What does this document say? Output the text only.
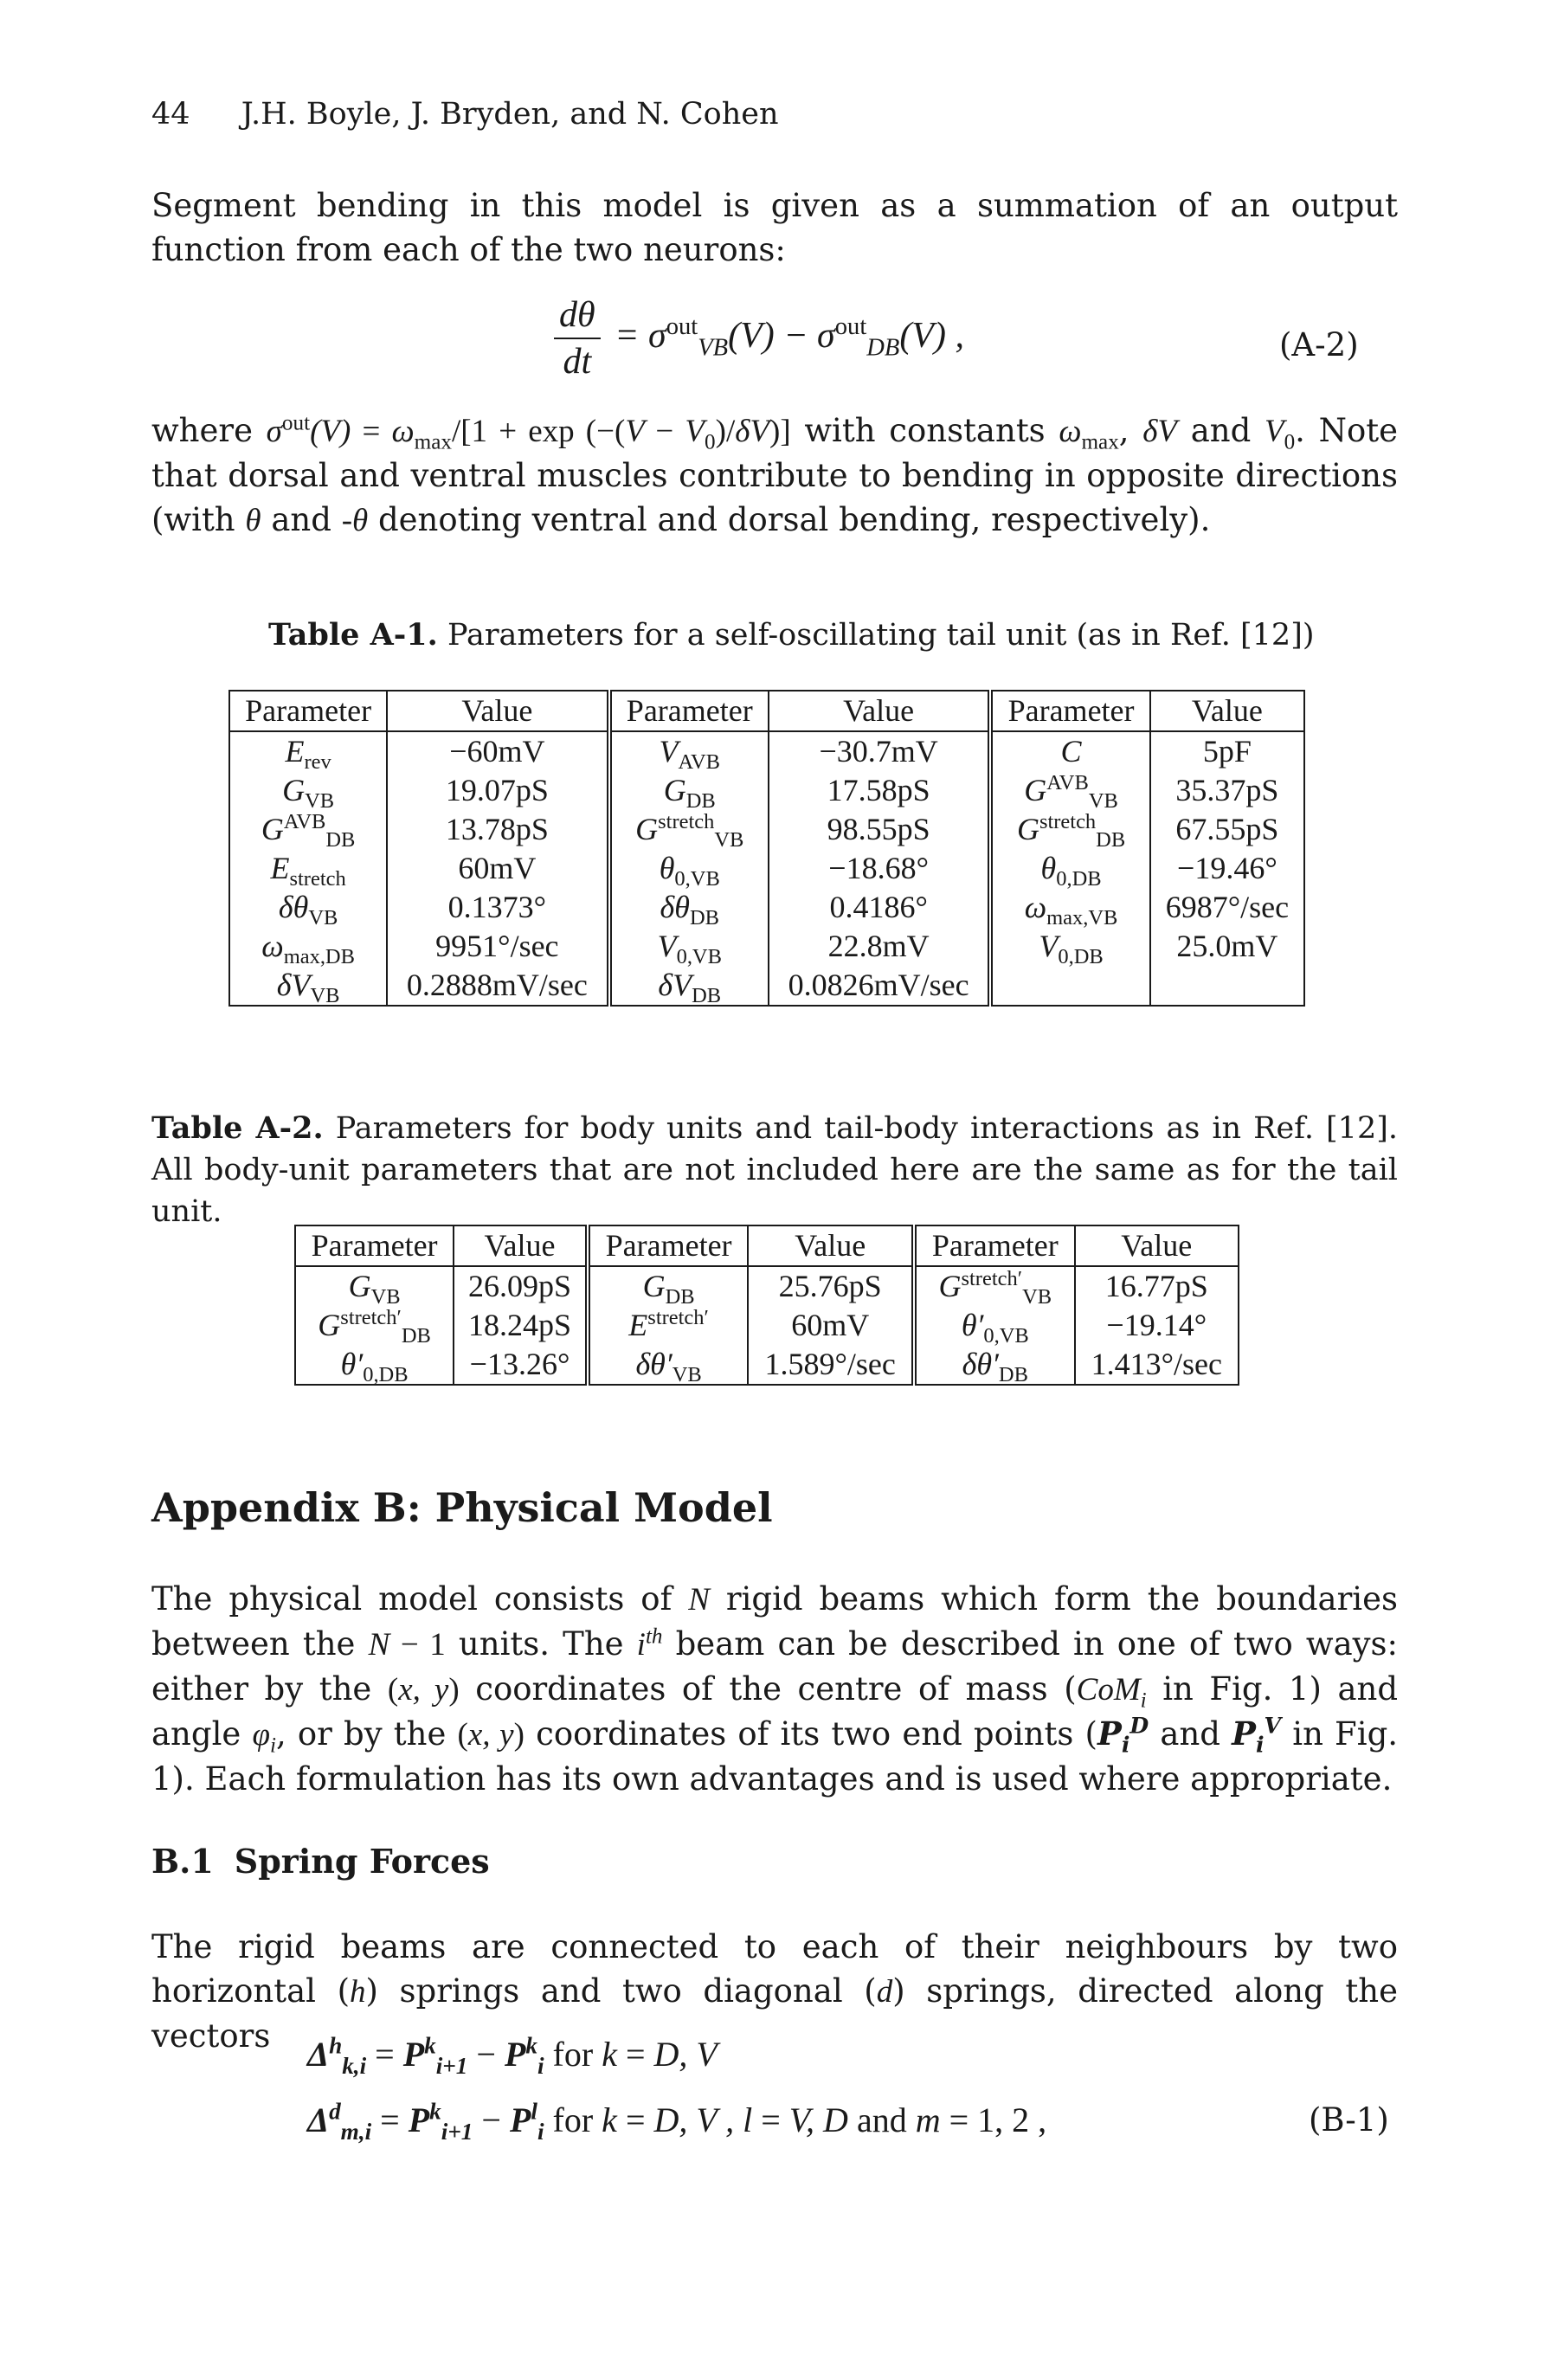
44 J.H. Boyle, J. Bryden, and N. Cohen
Segment bending in this model is given as a summation of an output function from each of the two neurons:
$\frac{d\theta}{dt} = \sigma^{out}_{VB}(V) - \sigma^{out}_{DB}(V)$ ,	(A-2)
where $\sigma^{out}(V) = \omega_{max}/[1 + \exp (-(V - V_0)/\delta V)]$ with constants $\omega_{max}$, δV and $V_0$. Note that dorsal and ventral muscles contribute to bending in opposite directions (with θ and -θ denoting ventral and dorsal bending, respectively).
Table A-1. Parameters for a self-oscillating tail unit (as in Ref. [12])
Parameter	Value	Parameter	Value	Parameter	Value
$E_{rev}$	−60mV	$V_{AVB}$	−30.7mV	C	5pF
$G_{VB}$	19.07pS	$G_{DB}$	17.58pS	$G^{AVB}_{VB}$	35.37pS
$G^{AVB}_{DB}$	13.78pS	$G^{stretch}_{VB}$	98.55pS	$G^{stretch}_{DB}$	67.55pS
$E_{stretch}$	60mV	$\theta_{0,VB}$	−18.68°	$\theta_{0,DB}$	−19.46°
$\delta\theta_{VB}$	0.1373°	$\delta\theta_{DB}$	0.4186°	$\omega_{max,VB}$	6987°/sec
$\omega_{max,DB}$	9951°/sec	$V_{0,VB}$	22.8mV	$V_{0,DB}$	25.0mV
$\delta V_{VB}$	0.2888mV/sec	$\delta V_{DB}$	0.0826mV/sec		
Table A-2. Parameters for body units and tail-body interactions as in Ref. [12]. All body-unit parameters that are not included here are the same as for the tail unit.
Parameter	Value	Parameter	Value	Parameter	Value
$G_{VB}$	26.09pS	$G_{DB}$	25.76pS	$G^{stretch'}_{VB}$	16.77pS
$G^{stretch'}_{DB}$	18.24pS	$E^{stretch'}$	60mV	$\theta'_{0,VB}$	−19.14°
$\theta'_{0,DB}$	−13.26°	$\delta\theta'_{VB}$	1.589°/sec	$\delta\theta'_{DB}$	1.413°/sec
Appendix B: Physical Model
The physical model consists of N rigid beams which form the boundaries between the N − 1 units. The $i^{th}$ beam can be described in one of two ways: either by the (x, y) coordinates of the centre of mass (CoM$_i$ in Fig. 1) and angle $\varphi_i$, or by the (x, y) coordinates of its two end points ($P_i^D$ and $P_i^V$ in Fig. 1). Each formulation has its own advantages and is used where appropriate.
B.1 Spring Forces
The rigid beams are connected to each of their neighbours by two horizontal (h) springs and two diagonal (d) springs, directed along the vectors	$\Delta^h_{k,i} = P^k_{i+1} - P^k_i$ for k = D, V
$\Delta^d_{m,i} = P^k_{i+1} - P^l_i$ for k = D, V , l = V, D and m = 1, 2 ,	(B-1)
